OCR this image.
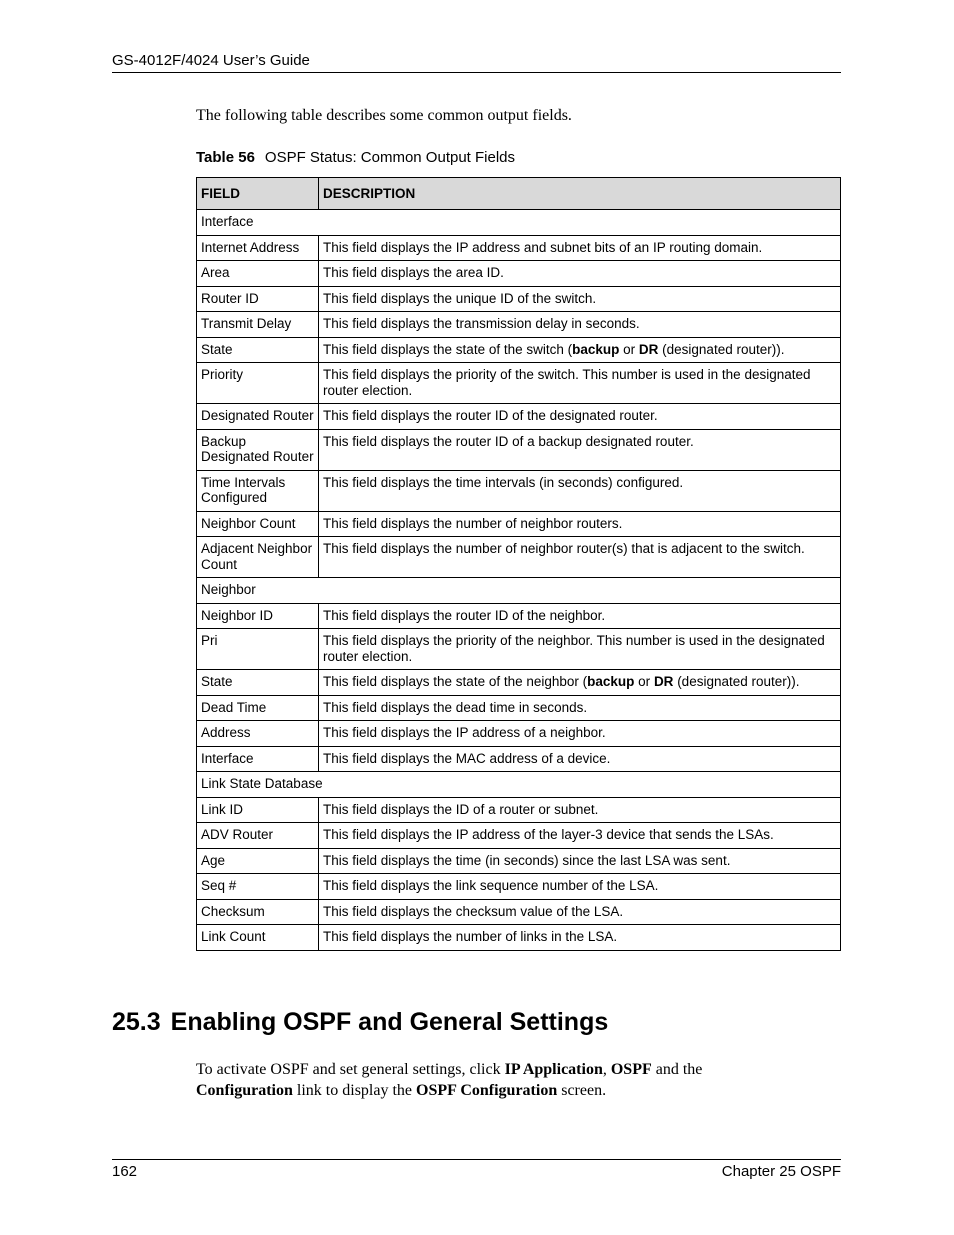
GS-4012F/4024 User’s Guide

The following table describes some common output fields.

Table 56 OSPF Status: Common Output Fields

FIELD	DESCRIPTION
Interface	
Internet Address	This field displays the IP address and subnet bits of an IP routing domain.
Area	This field displays the area ID.
Router ID	This field displays the unique ID of the switch.
Transmit Delay	This field displays the transmission delay in seconds.
State	This field displays the state of the switch (backup or DR (designated router)).
Priority	This field displays the priority of the switch. This number is used in the designated router election.
Designated Router	This field displays the router ID of the designated router.
Backup Designated Router	This field displays the router ID of a backup designated router.
Time Intervals Configured	This field displays the time intervals (in seconds) configured.
Neighbor Count	This field displays the number of neighbor routers.
Adjacent Neighbor Count	This field displays the number of neighbor router(s) that is adjacent to the switch.
Neighbor	
Neighbor ID	This field displays the router ID of the neighbor.
Pri	This field displays the priority of the neighbor. This number is used in the designated router election.
State	This field displays the state of the neighbor (backup or DR (designated router)).
Dead Time	This field displays the dead time in seconds.
Address	This field displays the IP address of a neighbor.
Interface	This field displays the MAC address of a device.
Link State Database	
Link ID	This field displays the ID of a router or subnet.
ADV Router	This field displays the IP address of the layer-3 device that sends the LSAs.
Age	This field displays the time (in seconds) since the last LSA was sent.
Seq #	This field displays the link sequence number of the LSA.
Checksum	This field displays the checksum value of the LSA.
Link Count	This field displays the number of links in the LSA.
25.3 Enabling OSPF and General Settings

To activate OSPF and set general settings, click IP Application, OSPF and the Configuration link to display the OSPF Configuration screen.

162	Chapter 25 OSPF
